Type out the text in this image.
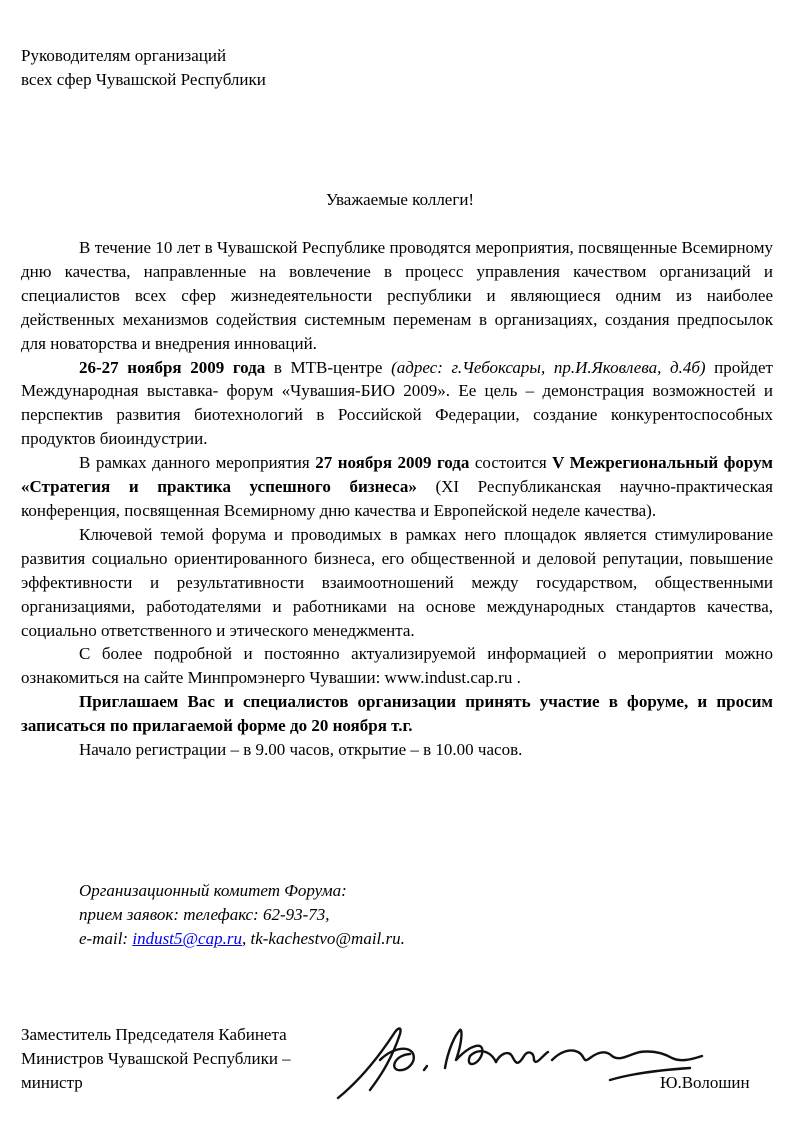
Руководителям организаций
всех сфер Чувашской Республики
Уважаемые коллеги!

В течение 10 лет в Чувашской Республике проводятся мероприятия, посвященные Всемирному дню качества, направленные на вовлечение в процесс управления качеством организаций и специалистов всех сфер жизнедеятельности республики и являющиеся одним из наиболее действенных механизмов содействия системным переменам в организациях, создания предпосылок для новаторства и внедрения инноваций.

26-27 ноября 2009 года в МТВ-центре (адрес: г.Чебоксары, пр.И.Яковлева, д.4б) пройдет Международная выставка- форум «Чувашия-БИО 2009». Ее цель – демонстрация возможностей и перспектив развития биотехнологий в Российской Федерации, создание конкурентоспособных продуктов биоиндустрии.

В рамках данного мероприятия 27 ноября 2009 года состоится V Межрегиональный форум «Стратегия и практика успешного бизнеса» (XI Республиканская научно-практическая конференция, посвященная Всемирному дню качества и Европейской неделе качества).

Ключевой темой форума и проводимых в рамках него площадок является стимулирование развития социально ориентированного бизнеса, его общественной и деловой репутации, повышение эффективности и результативности взаимоотношений между государством, общественными организациями, работодателями и работниками на основе международных стандартов качества, социально ответственного и этического менеджмента.

С более подробной и постоянно актуализируемой информацией о мероприятии можно ознакомиться на сайте Минпромэнерго Чувашии: www.indust.cap.ru .

Приглашаем Вас и специалистов организации принять участие в форуме, и просим записаться по прилагаемой форме до 20 ноября т.г.

Начало регистрации – в 9.00 часов, открытие – в 10.00 часов.

Организационный комитет Форума:
прием заявок: телефакс: 62-93-73,
e-mail: indust5@cap.ru, tk-kachestvo@mail.ru.
Заместитель Председателя Кабинета
Министров Чувашской Республики –
министр	Ю.Волошин
